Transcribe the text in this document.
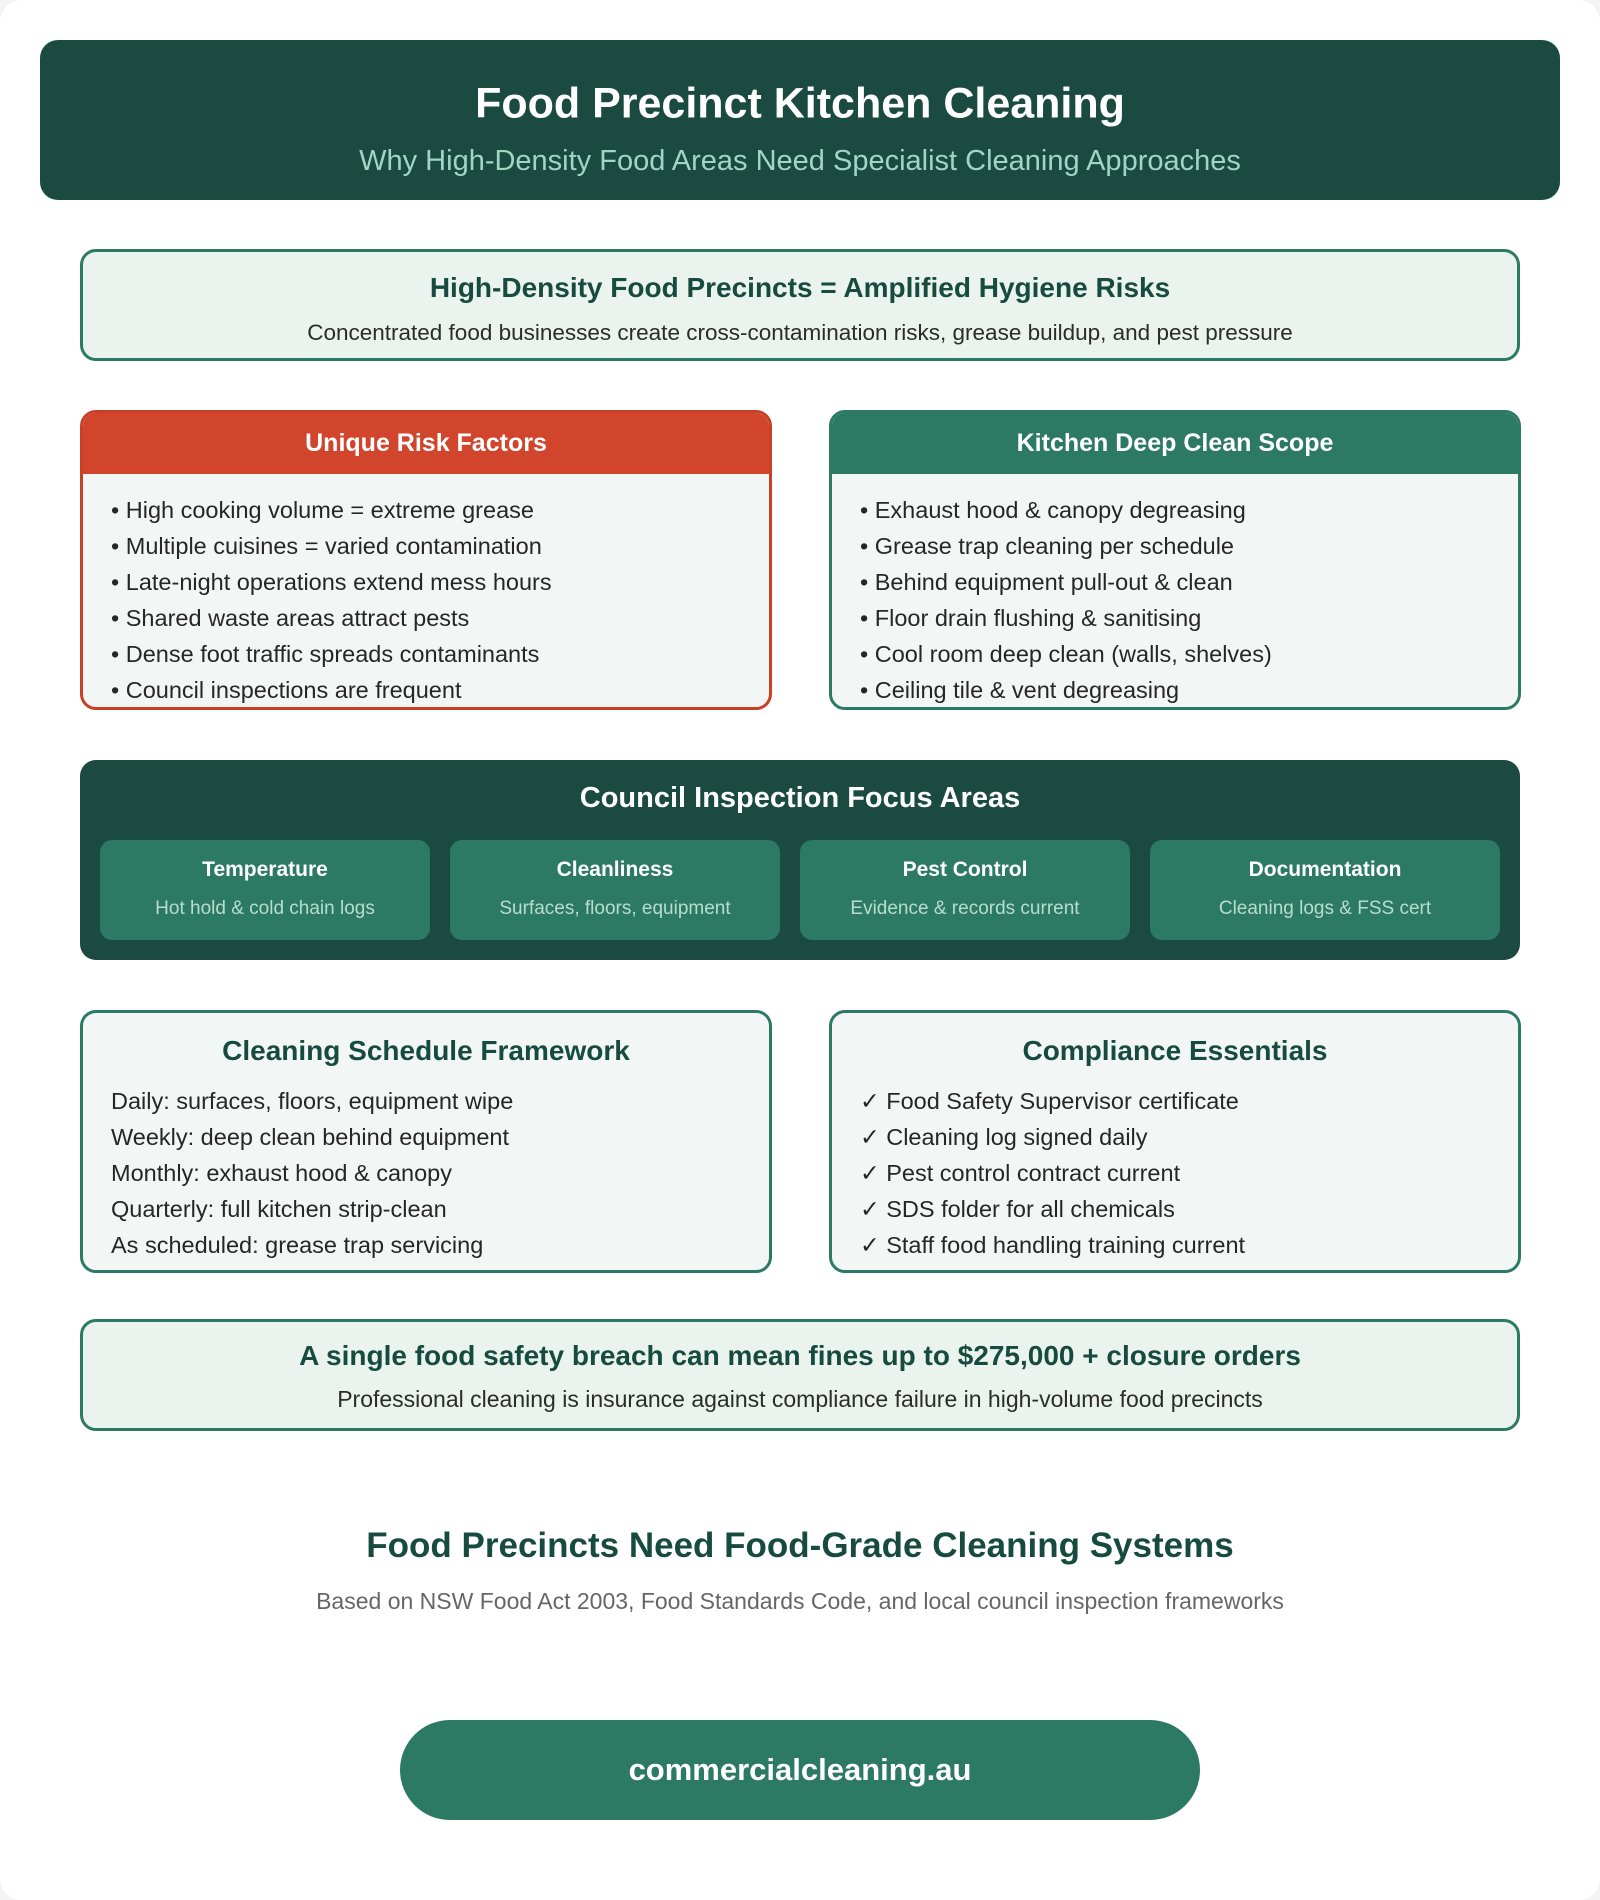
Food Precinct Kitchen Cleaning
Why High-Density Food Areas Need Specialist Cleaning Approaches
High-Density Food Precincts = Amplified Hygiene Risks
Concentrated food businesses create cross-contamination risks, grease buildup, and pest pressure
Unique Risk Factors
• High cooking volume = extreme grease
• Multiple cuisines = varied contamination
• Late-night operations extend mess hours
• Shared waste areas attract pests
• Dense foot traffic spreads contaminants
• Council inspections are frequent
Kitchen Deep Clean Scope
• Exhaust hood & canopy degreasing
• Grease trap cleaning per schedule
• Behind equipment pull-out & clean
• Floor drain flushing & sanitising
• Cool room deep clean (walls, shelves)
• Ceiling tile & vent degreasing
Council Inspection Focus Areas
Temperature
Hot hold & cold chain logs
Cleanliness
Surfaces, floors, equipment
Pest Control
Evidence & records current
Documentation
Cleaning logs & FSS cert
Cleaning Schedule Framework
Daily: surfaces, floors, equipment wipe
Weekly: deep clean behind equipment
Monthly: exhaust hood & canopy
Quarterly: full kitchen strip-clean
As scheduled: grease trap servicing
Compliance Essentials
✓ Food Safety Supervisor certificate
✓ Cleaning log signed daily
✓ Pest control contract current
✓ SDS folder for all chemicals
✓ Staff food handling training current
A single food safety breach can mean fines up to $275,000 + closure orders
Professional cleaning is insurance against compliance failure in high-volume food precincts
Food Precincts Need Food-Grade Cleaning Systems
Based on NSW Food Act 2003, Food Standards Code, and local council inspection frameworks
commercialcleaning.au
